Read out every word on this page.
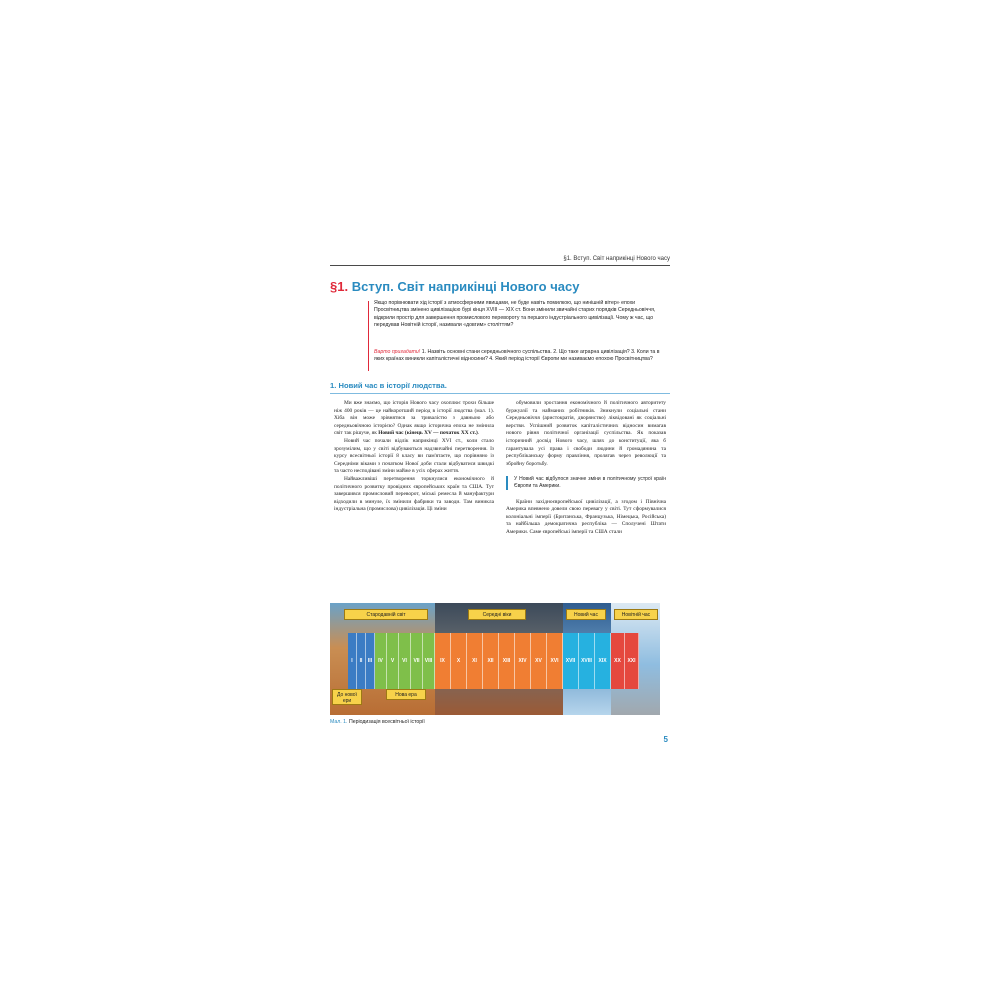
§1. Вступ. Світ наприкінці Нового часу
§1. Вступ. Світ наприкінці Нового часу
Якщо порівнювати хід історії з атмосферними явищами, не буде навіть помилкою, що нинішній вітер» епохи Просвітництва змінено цивілізацією бурі кінця XVIII — XIX ст. Вони змінили звичайні старих порядків Середньовіччя, відкрили простір для завершення промислового перевороту та першого індустріального цивілізації. Чому ж час, що передував Новітній історії, називали «довгим» століттям?
Варто пригадати! 1. Назвіть основні стани середньовічного суспільства. 2. Що таке аграрна цивілізація? 3. Коли та в яких країнах виникли капіталістичні відносини? 4. Який період історії Європи ми називаємо епохою Просвітництва?
1. Новий час в історії людства.

Ми вже знаємо, що історія Нового часу охоплює трохи більше ніж 400 років — це найкоротший період в історії людства (мал. 1). Хіба він може зрівнятися за тривалістю з давньою або середньовічною історією? Однак якщо історична епоха не змінила світ так рішуче, як Новий час (кінець XV — початок XX ст.).

Новий час почали відлік наприкінці XVI ст., коли стало зрозумілим, що у світі відбуваються надзвичайні перетворення. Із курсу всесвітньої історії 8 класу ви пам'ятаєте, що порівняно із Середніми віками з початком Нової доби стали відбуватися швидкі та часто несподівані зміни майже в усіх сферах життя.

Найважливіші перетворення торкнулися економічного й політичного розвитку провідних європейських країн та США. Тут завершився промисловий переворот, міські ремесла й мануфактури відходили в минуле, їх змінили фабрики та заводи. Там виникла індустріальна (промислова) цивілізація. Ці зміни

обумовили зростання економічного й політичного авторитету буржуазії та найманих робітників. Зникнули соціальні стани Середньовіччя (аристократія, дворянство) ліквідовані як соціальні верстви. Успішний розвиток капіталістичних відносин вимагав нового рівня політичної організації суспільства. Як показав історичний досвід Нового часу, шлях до конституції, яка б гарантувала усі права і свободи людини й громадянина та республіканську форму правління, пролягав через революції та збройну боротьбу.

У Новий час відбулося значне зміни в політичному устрої країн Європи та Америки.

Країни західноєвропейської цивілізації, а згодом і Північна Америка впевнено довели свою перевагу у світі. Тут сформувалися колоніальні імперії (Британська, Французька, Німецька, Російська) та найбільша демократична республіка — Сполучені Штати Америки. Саме європейські імперії та США стали

Стародавній світ	Середні віки	Новий час	Новітній час
І	ІІ	ІІІ	IV	V	VI	VII	VIII	IX	X	XI	XII	XIII	XIV	XV	XVI	XVII	XVIII	XIX	XX	XXI
До нової ери
Нова ера
Мал. 1. Періодизація всесвітньої історії
5
